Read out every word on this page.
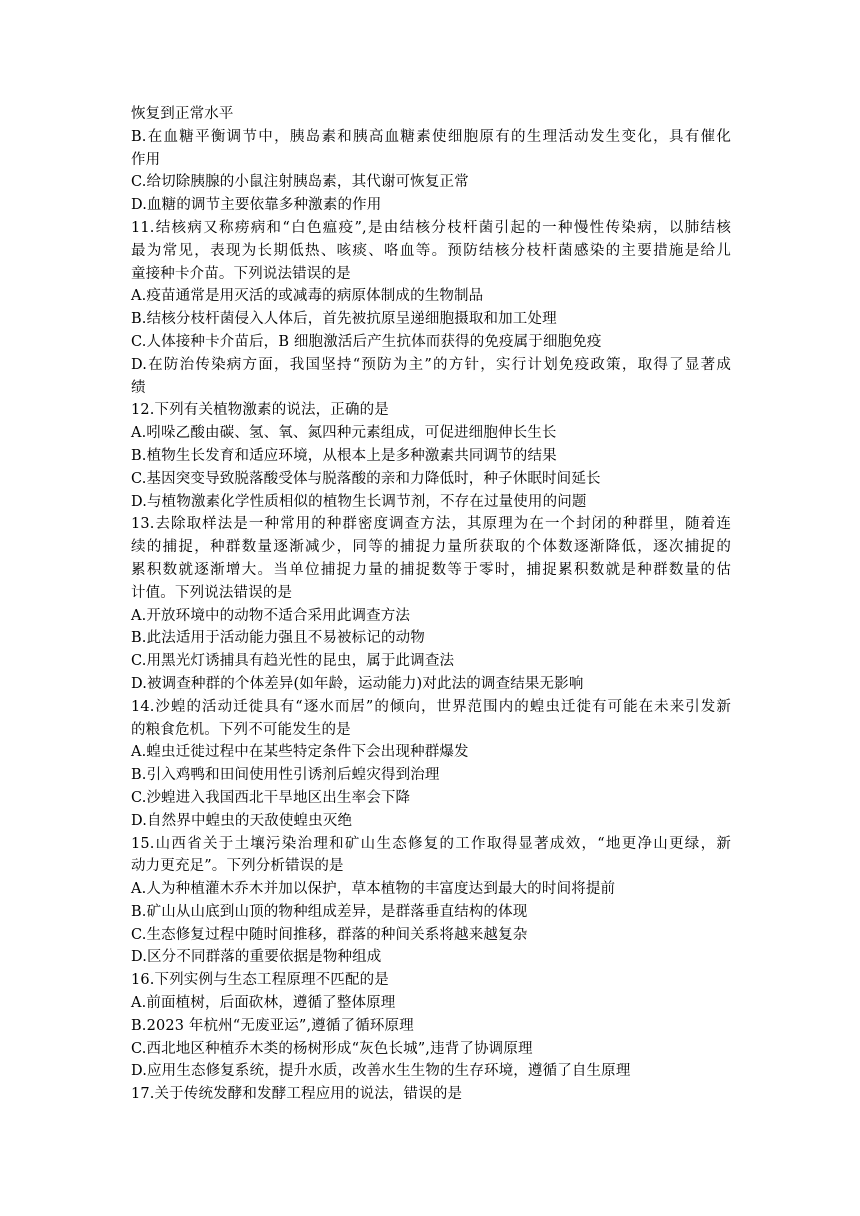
恢复到正常水平
B.在血糖平衡调节中，胰岛素和胰高血糖素使细胞原有的生理活动发生变化，具有催化
作用
C.给切除胰腺的小鼠注射胰岛素，其代谢可恢复正常
D.血糖的调节主要依靠多种激素的作用
11.结核病又称痨病和“白色瘟疫”,是由结核分枝杆菌引起的一种慢性传染病，以肺结核
最为常见，表现为长期低热、咳痰、咯血等。预防结核分枝杆菌感染的主要措施是给儿
童接种卡介苗。下列说法错误的是
A.疫苗通常是用灭活的或减毒的病原体制成的生物制品
B.结核分枝杆菌侵入人体后，首先被抗原呈递细胞摄取和加工处理
C.人体接种卡介苗后，B 细胞激活后产生抗体而获得的免疫属于细胞免疫
D.在防治传染病方面，我国坚持“预防为主”的方针，实行计划免疫政策，取得了显著成
绩
12.下列有关植物激素的说法，正确的是
A.吲哚乙酸由碳、氢、氧、氮四种元素组成，可促进细胞伸长生长
B.植物生长发育和适应环境，从根本上是多种激素共同调节的结果
C.基因突变导致脱落酸受体与脱落酸的亲和力降低时，种子休眠时间延长
D.与植物激素化学性质相似的植物生长调节剂，不存在过量使用的问题
13.去除取样法是一种常用的种群密度调查方法，其原理为在一个封闭的种群里，随着连
续的捕捉，种群数量逐渐减少，同等的捕捉力量所获取的个体数逐渐降低，逐次捕捉的
累积数就逐渐增大。当单位捕捉力量的捕捉数等于零时，捕捉累积数就是种群数量的估
计值。下列说法错误的是
A.开放环境中的动物不适合采用此调查方法
B.此法适用于活动能力强且不易被标记的动物
C.用黑光灯诱捕具有趋光性的昆虫，属于此调查法
D.被调查种群的个体差异(如年龄，运动能力)对此法的调查结果无影响
14.沙蝗的活动迁徙具有“逐水而居”的倾向，世界范围内的蝗虫迁徙有可能在未来引发新
的粮食危机。下列不可能发生的是
A.蝗虫迁徙过程中在某些特定条件下会出现种群爆发
B.引入鸡鸭和田间使用性引诱剂后蝗灾得到治理
C.沙蝗进入我国西北干旱地区出生率会下降
D.自然界中蝗虫的天敌使蝗虫灭绝
15.山西省关于土壤污染治理和矿山生态修复的工作取得显著成效，“地更净山更绿，新
动力更充足”。下列分析错误的是
A.人为种植灌木乔木并加以保护，草本植物的丰富度达到最大的时间将提前
B.矿山从山底到山顶的物种组成差异，是群落垂直结构的体现
C.生态修复过程中随时间推移，群落的种间关系将越来越复杂
D.区分不同群落的重要依据是物种组成
16.下列实例与生态工程原理不匹配的是
A.前面植树，后面砍林，遵循了整体原理
B.2023 年杭州“无废亚运”,遵循了循环原理
C.西北地区种植乔木类的杨树形成“灰色长城”,违背了协调原理
D.应用生态修复系统，提升水质，改善水生生物的生存环境，遵循了自生原理
17.关于传统发酵和发酵工程应用的说法，错误的是
